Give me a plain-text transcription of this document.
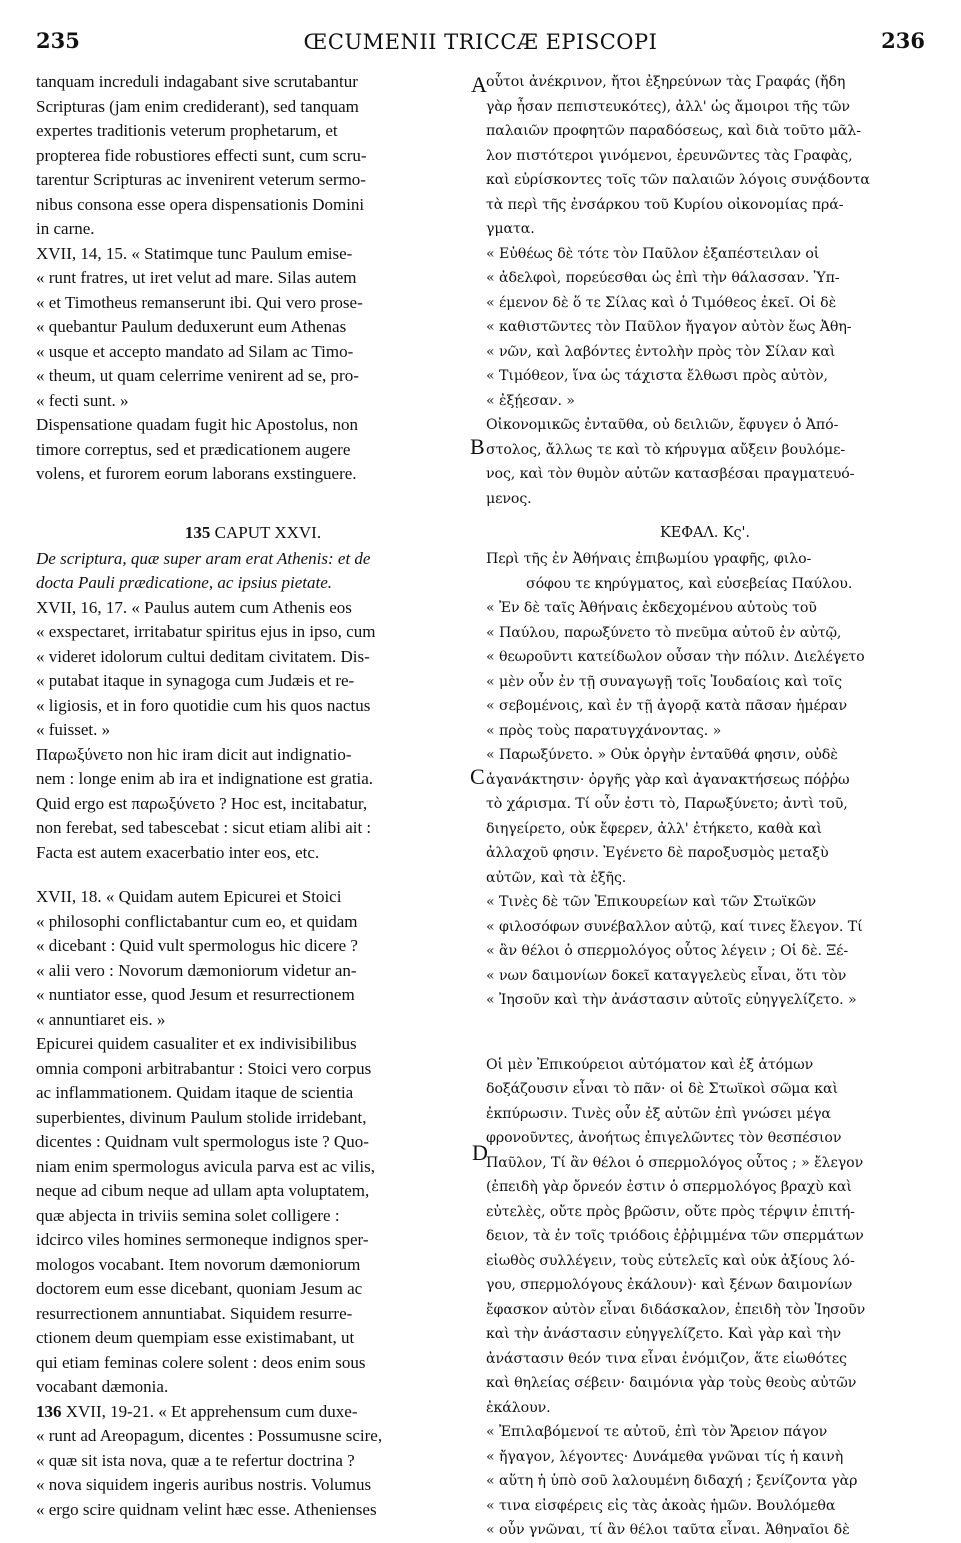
235	ŒCUMENII TRICCÆ EPISCOPI	236
A
B
C
D
tanquam increduli indagabant sive scrutabantur
Scripturas (jam enim crediderant), sed tanquam
expertes traditionis veterum prophetarum, et
propterea fide robustiores effecti sunt, cum scru-
tarentur Scripturas ac invenirent veterum sermo-
nibus consona esse opera dispensationis Domini
in carne.
XVII, 14, 15. « Statimque tunc Paulum emise-
« runt fratres, ut iret velut ad mare. Silas autem
« et Timotheus remanserunt ibi. Qui vero prose-
« quebantur Paulum deduxerunt eum Athenas
« usque et accepto mandato ad Silam ac Timo-
« theum, ut quam celerrime venirent ad se, pro-
« fecti sunt. »
Dispensatione quadam fugit hic Apostolus, non
timore correptus, sed et prædicationem augere
volens, et furorem eorum laborans exstinguere.
135 CAPUT XXVI.
De scriptura, quæ super aram erat Athenis: et de
docta Pauli prædicatione, ac ipsius pietate.
XVII, 16, 17. « Paulus autem cum Athenis eos
« exspectaret, irritabatur spiritus ejus in ipso, cum
« videret idolorum cultui deditam civitatem. Dis-
« putabat itaque in synagoga cum Judæis et re-
« ligiosis, et in foro quotidie cum his quos nactus
« fuisset. »
Παρωξύνετο non hic iram dicit aut indignatio-
nem : longe enim ab ira et indignatione est gratia.
Quid ergo est παρωξύνετο ? Hoc est, incitabatur,
non ferebat, sed tabescebat : sicut etiam alibi ait :
Facta est autem exacerbatio inter eos, etc.
XVII, 18. « Quidam autem Epicurei et Stoici
« philosophi conflictabantur cum eo, et quidam
« dicebant : Quid vult spermologus hic dicere ?
« alii vero : Novorum dæmoniorum videtur an-
« nuntiator esse, quod Jesum et resurrectionem
« annuntiaret eis. »
Epicurei quidem casualiter et ex indivisibilibus
omnia componi arbitrabantur : Stoici vero corpus
ac inflammationem. Quidam itaque de scientia
superbientes, divinum Paulum stolide irridebant,
dicentes : Quidnam vult spermologus iste ? Quo-
niam enim spermologus avicula parva est ac vilis,
neque ad cibum neque ad ullam apta voluptatem,
quæ abjecta in triviis semina solet colligere :
idcirco viles homines sermoneque indignos sper-
mologos vocabant. Item novorum dæmoniorum
doctorem eum esse dicebant, quoniam Jesum ac
resurrectionem annuntiabat. Siquidem resurre-
ctionem deum quempiam esse existimabant, ut
qui etiam feminas colere solent : deos enim sous
vocabant dæmonia.
136 XVII, 19-21. « Et apprehensum cum duxe-
« runt ad Areopagum, dicentes : Possumusne scire,
« quæ sit ista nova, quæ a te refertur doctrina ?
« nova siquidem ingeris auribus nostris. Volumus
« ergo scire quidnam velint hæc esse. Athenienses
οὗτοι ἀνέκρινον, ἤτοι ἐξηρεύνων τὰς Γραφάς (ἤδη
γὰρ ἦσαν πεπιστευκότες), ἀλλ' ὡς ἄμοιροι τῆς τῶν
παλαιῶν προφητῶν παραδόσεως, καὶ διὰ τοῦτο μᾶλ-
λον πιστότεροι γινόμενοι, ἐρευνῶντες τὰς Γραφὰς,
καὶ εὑρίσκοντες τοῖς τῶν παλαιῶν λόγοις συνᾴδοντα
τὰ περὶ τῆς ἐνσάρκου τοῦ Κυρίου οἰκονομίας πρά-
γματα.
« Εὐθέως δὲ τότε τὸν Παῦλον ἐξαπέστειλαν οἱ
« ἀδελφοὶ, πορεύεσθαι ὡς ἐπὶ τὴν θάλασσαν. Ὑπ-
« έμενον δὲ ὅ τε Σίλας καὶ ὁ Τιμόθεος ἐκεῖ. Οἱ δὲ
« καθιστῶντες τὸν Παῦλον ἤγαγον αὐτὸν ἕως Ἀθη-
« νῶν, καὶ λαβόντες ἐντολὴν πρὸς τὸν Σίλαν καὶ
« Τιμόθεον, ἵνα ὡς τάχιστα ἔλθωσι πρὸς αὐτὸν,
« ἐξῄεσαν. »
Οἰκονομικῶς ἐνταῦθα, οὐ δειλιῶν, ἔφυγεν ὁ Ἀπό-
στολος, ἄλλως τε καὶ τὸ κήρυγμα αὔξειν βουλόμε-
νος, καὶ τὸν θυμὸν αὐτῶν κατασβέσαι πραγματευό-
μενος.
ΚΕΦΑΛ. Κς'.
Περὶ τῆς ἐν Ἀθήναις ἐπιβωμίου γραφῆς, φιλο-
σόφου τε κηρύγματος, καὶ εὐσεβείας Παύλου.
« Ἐν δὲ ταῖς Ἀθήναις ἐκδεχομένου αὐτοὺς τοῦ
« Παύλου, παρωξύνετο τὸ πνεῦμα αὐτοῦ ἐν αὐτῷ,
« θεωροῦντι κατείδωλον οὖσαν τὴν πόλιν. Διελέγετο
« μὲν οὖν ἐν τῇ συναγωγῇ τοῖς Ἰουδαίοις καὶ τοῖς
« σεβομένοις, καὶ ἐν τῇ ἀγορᾷ κατὰ πᾶσαν ἡμέραν
« πρὸς τοὺς παρατυγχάνοντας. »
« Παρωξύνετο. » Οὐκ ὀργὴν ἐνταῦθά φησιν, οὐδὲ
ἀγανάκτησιν· ὀργῆς γὰρ καὶ ἀγανακτήσεως πόῤῥω
τὸ χάρισμα. Τί οὖν ἐστι τὸ, Παρωξύνετο; ἀντὶ τοῦ,
διηγείρετο, οὐκ ἔφερεν, ἀλλ' ἐτήκετο, καθὰ καὶ
ἀλλαχοῦ φησιν. Ἐγένετο δὲ παροξυσμὸς μεταξὺ
αὐτῶν, καὶ τὰ ἑξῆς.
« Τινὲς δὲ τῶν Ἐπικουρείων καὶ τῶν Στωϊκῶν
« φιλοσόφων συνέβαλλον αὐτῷ, καί τινες ἔλεγον. Τί
« ἂν θέλοι ὁ σπερμολόγος οὗτος λέγειν ; Οἱ δὲ. Ξέ-
« νων δαιμονίων δοκεῖ καταγγελεὺς εἶναι, ὅτι τὸν
« Ἰησοῦν καὶ τὴν ἀνάστασιν αὐτοῖς εὐηγγελίζετο. »
Οἱ μὲν Ἐπικούρειοι αὐτόματον καὶ ἐξ ἀτόμων
δοξάζουσιν εἶναι τὸ πᾶν· οἱ δὲ Στωϊκοὶ σῶμα καὶ
ἐκπύρωσιν. Τινὲς οὖν ἐξ αὐτῶν ἐπὶ γνώσει μέγα
φρονοῦντες, ἀνοήτως ἐπιγελῶντες τὸν θεσπέσιον
Παῦλον, Τί ἂν θέλοι ὁ σπερμολόγος οὗτος ; » ἔλεγον
(ἐπειδὴ γὰρ ὄρνεόν ἐστιν ὁ σπερμολόγος βραχὺ καὶ
εὐτελὲς, οὔτε πρὸς βρῶσιν, οὔτε πρὸς τέρψιν ἐπιτή-
δειον, τὰ ἐν τοῖς τριόδοις ἐῤῥιμμένα τῶν σπερμάτων
εἰωθὸς συλλέγειν, τοὺς εὐτελεῖς καὶ οὐκ ἀξίους λό-
γου, σπερμολόγους ἐκάλουν)· καὶ ξένων δαιμονίων
ἔφασκον αὐτὸν εἶναι διδάσκαλον, ἐπειδὴ τὸν Ἰησοῦν
καὶ τὴν ἀνάστασιν εὐηγγελίζετο. Καὶ γὰρ καὶ τὴν
ἀνάστασιν θεόν τινα εἶναι ἐνόμιζον, ἅτε εἰωθότες
καὶ θηλείας σέβειν· δαιμόνια γὰρ τοὺς θεοὺς αὐτῶν
ἐκάλουν.
« Ἐπιλαβόμενοί τε αὐτοῦ, ἐπὶ τὸν Ἄρειον πάγον
« ἤγαγον, λέγοντες· Δυνάμεθα γνῶναι τίς ἡ καινὴ
« αὕτη ἡ ὑπὸ σοῦ λαλουμένη διδαχή ; ξενίζοντα γὰρ
« τινα εἰσφέρεις εἰς τὰς ἀκοὰς ἡμῶν. Βουλόμεθα
« οὖν γνῶναι, τί ἂν θέλοι ταῦτα εἶναι. Ἀθηναῖοι δὲ
